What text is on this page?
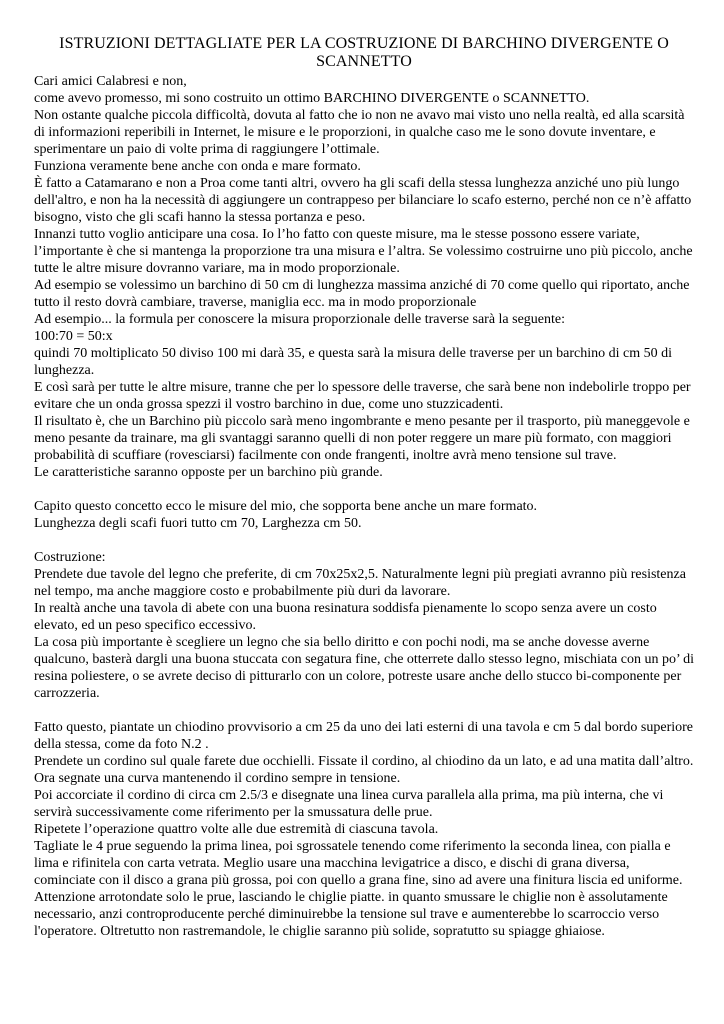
ISTRUZIONI DETTAGLIATE PER LA COSTRUZIONE DI BARCHINO DIVERGENTE O SCANNETTO

Cari amici Calabresi e non,

come avevo promesso, mi sono costruito un ottimo BARCHINO DIVERGENTE o SCANNETTO.

Non ostante qualche piccola difficoltà, dovuta al fatto che io non ne avavo mai visto uno nella realtà, ed alla scarsità di informazioni reperibili in Internet, le misure e le proporzioni, in qualche caso me le sono dovute inventare, e sperimentare un paio di volte prima di raggiungere l’ottimale.

Funziona veramente bene anche con onda e mare formato.

È fatto a Catamarano e non a Proa come tanti altri, ovvero ha gli scafi della stessa lunghezza anziché uno più lungo dell'altro, e non ha la necessità di aggiungere un contrappeso per bilanciare lo scafo esterno, perché non ce n’è affatto bisogno, visto che gli scafi hanno la stessa portanza e peso.

Innanzi tutto voglio anticipare una cosa. Io l’ho fatto con queste misure, ma le stesse possono essere variate, l’importante è che si mantenga la proporzione tra una misura e l’altra. Se volessimo costruirne uno più piccolo, anche tutte le altre misure dovranno variare, ma in modo proporzionale.

Ad esempio se volessimo un barchino di 50 cm di lunghezza massima anziché di 70 come quello qui riportato, anche tutto il resto dovrà cambiare, traverse, maniglia ecc. ma in modo proporzionale

Ad esempio... la formula per conoscere la misura proporzionale delle traverse sarà la seguente:

100:70 = 50:x

quindi 70 moltiplicato 50 diviso 100 mi darà 35, e questa sarà la misura delle traverse per un barchino di cm 50 di lunghezza.

E così sarà per tutte le altre misure, tranne che per lo spessore delle traverse, che sarà bene non indebolirle troppo per evitare che un onda grossa spezzi il vostro barchino in due, come uno stuzzicadenti.

Il risultato è, che un Barchino più piccolo sarà meno ingombrante e meno pesante per il trasporto, più maneggevole e meno pesante da trainare, ma gli svantaggi saranno quelli di non poter reggere un mare più formato, con maggiori probabilità di scuffiare (rovesciarsi) facilmente con onde frangenti, inoltre avrà meno tensione sul trave.

Le caratteristiche saranno opposte per un barchino più grande.

Capito questo concetto ecco le misure del mio, che sopporta bene anche un mare formato.

Lunghezza degli scafi fuori tutto cm 70, Larghezza cm 50.

Costruzione:

Prendete due tavole del legno che preferite, di cm 70x25x2,5. Naturalmente legni più pregiati avranno più resistenza nel tempo, ma anche maggiore costo e probabilmente più duri da lavorare.

In realtà anche una tavola di abete con una buona resinatura soddisfa pienamente lo scopo senza avere un costo elevato, ed un peso specifico eccessivo.

La cosa più importante è scegliere un legno che sia bello diritto e con pochi nodi, ma se anche dovesse averne qualcuno, basterà dargli una buona stuccata con segatura fine, che otterrete dallo stesso legno, mischiata con un po’ di resina poliestere, o se avrete deciso di pitturarlo con un colore, potreste usare anche dello stucco bi-componente per carrozzeria.

Fatto questo, piantate un chiodino provvisorio a cm 25 da uno dei lati esterni di una tavola e cm 5 dal bordo superiore della stessa, come da foto N.2 .

Prendete un cordino sul quale farete due occhielli. Fissate il cordino, al chiodino da un lato, e ad una matita dall’altro. Ora segnate una curva mantenendo il cordino sempre in tensione.

Poi accorciate il cordino di circa cm 2.5/3 e disegnate una linea curva parallela alla prima, ma più interna, che vi servirà successivamente come riferimento per la smussatura delle prue.

Ripetete l’operazione quattro volte alle due estremità di ciascuna tavola.

Tagliate le 4 prue seguendo la prima linea, poi sgrossatele tenendo come riferimento la seconda linea, con pialla e lima e rifinitela con carta vetrata. Meglio usare una macchina levigatrice a disco, e dischi di grana diversa, cominciate con il disco a grana più grossa, poi con quello a grana fine, sino ad avere una finitura liscia ed uniforme.

Attenzione arrotondate solo le prue, lasciando le chiglie piatte. in quanto smussare le chiglie non è assolutamente necessario, anzi controproducente perché diminuirebbe la tensione sul trave e aumenterebbe lo scarroccio verso l'operatore. Oltretutto non rastremandole, le chiglie saranno più solide, sopratutto su spiagge ghiaiose.
